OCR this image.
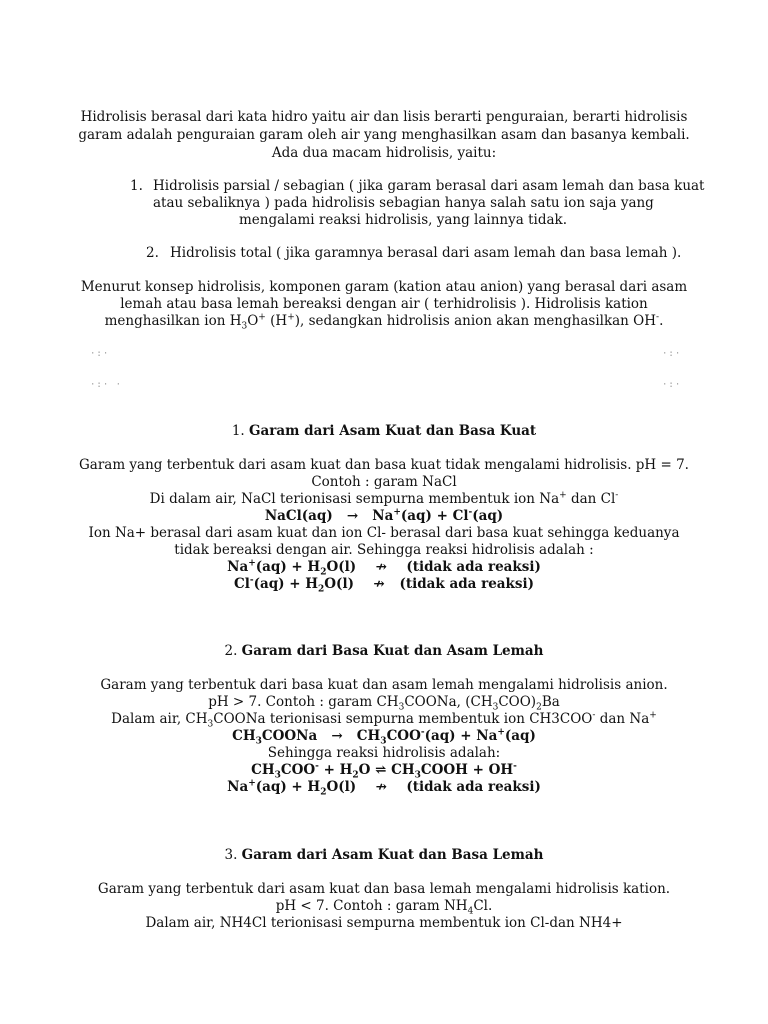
Hidrolisis berasal dari kata hidro yaitu air dan lisis berarti penguraian, berarti hidrolisis
garam adalah penguraian garam oleh air yang menghasilkan asam dan basanya kembali.
Ada dua macam hidrolisis, yaitu:
1. Hidrolisis parsial / sebagian ( jika garam berasal dari asam lemah dan basa kuat
atau sebaliknya ) pada hidrolisis sebagian hanya salah satu ion saja yang
mengalami reaksi hidrolisis, yang lainnya tidak.
2. Hidrolisis total ( jika garamnya berasal dari asam lemah dan basa lemah ).
Menurut konsep hidrolisis, komponen garam (kation atau anion) yang berasal dari asam
lemah atau basa lemah bereaksi dengan air ( terhidrolisis ). Hidrolisis kation
menghasilkan ion $H_3O^+$ (H+), sedangkan hidrolisis anion akan menghasilkan OH-.
·:·	·:·
·:· ·	·:·
1. Garam dari Asam Kuat dan Basa Kuat
Garam yang terbentuk dari asam kuat dan basa kuat tidak mengalami hidrolisis. pH = 7.
Contoh : garam NaCl
Di dalam air, NaCl terionisasi sempurna membentuk ion Na+ dan Cl-
NaCl(aq) → Na+(aq) + Cl-(aq)
Ion Na+ berasal dari asam kuat dan ion Cl- berasal dari basa kuat sehingga keduanya
tidak bereaksi dengan air. Sehingga reaksi hidrolisis adalah :
$Na^+(aq) + H_2O(l)$ ↛ (tidak ada reaksi)
$Cl^-(aq) + H_2O(l)$ ↛ (tidak ada reaksi)
2. Garam dari Basa Kuat dan Asam Lemah
Garam yang terbentuk dari basa kuat dan asam lemah mengalami hidrolisis anion.
pH > 7. Contoh : garam $CH_3COONa$, $(CH_3COO)_2Ba$
Dalam air, $CH_3COONa$ terionisasi sempurna membentuk ion CH3COO- dan Na+
$CH_3COONa \to CH_3COO^-(aq) + Na^+(aq)$
Sehingga reaksi hidrolisis adalah:
$CH_3COO^- + H_2O$ ⇌ $CH_3COOH + OH^-$
$Na^+(aq) + H_2O(l)$ ↛ (tidak ada reaksi)
3. Garam dari Asam Kuat dan Basa Lemah
Garam yang terbentuk dari asam kuat dan basa lemah mengalami hidrolisis kation.
pH < 7. Contoh : garam $NH_4Cl$.
Dalam air, NH4Cl terionisasi sempurna membentuk ion Cl-dan NH4+
